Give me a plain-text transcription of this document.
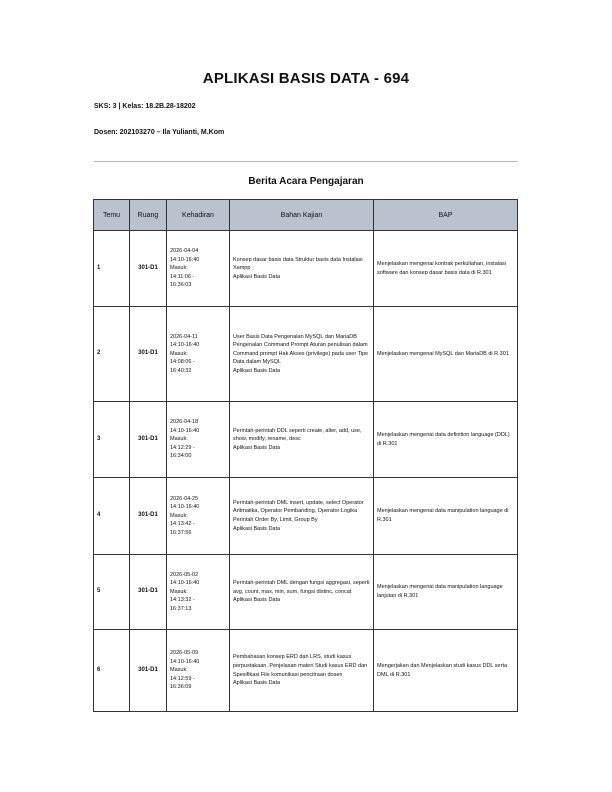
APLIKASI BASIS DATA - 694
SKS: 3 | Kelas: 18.2B.28-18202
Dosen: 202103270 – Ila Yulianti, M.Kom
Berita Acara Pengajaran
Temu	Ruang	Kehadiran	Bahan Kajian	BAP
1	301-D1	2026-04-04
14:10-16:40
Masuk:
14:11:06 -
16:36:03	Konsep dasar basis data Struktur basis data Instalasi Xampp
Aplikasi Basis Data	Menjelaskan mengenai kontrak perkuliahan, instalasi software dan konsep dasar basis data di R.301
2	301-D1	2026-04-11
14:10-16:40
Masuk:
14:08:06 -
16:40:32	User Basis Data Pengenalan MySQL dan MariaDB Pengenalan Command Prompt Aturan penulisan dalam Command prompt Hak Akses (privilege) pada user Tipe Data dalam MySQL
Aplikasi Basis Data	Menjelaskan mengenai MySQL dan MariaDB di R.301
3	301-D1	2026-04-18
14:10-16:40
Masuk:
14:12:29 -
16:34:00	Perintah-perintah DDL seperti create, alter, add, use, show, modify, rename, desc
Aplikasi Basis Data	Menjelaskan mengenai data definition language (DDL) di R.301
4	301-D1	2026-04-25
14:10-16:40
Masuk:
14:13:42 -
16:37:56	Perintah-perintah DML insert, update, select Operator Aritmatika, Operator Pembanding, Operator Logika Perintah Order By, Limit, Group By
Aplikasi Basis Data	Menjelaskan mengenai data manipulation language di R.301
5	301-D1	2026-05-02
14:10-16:40
Masuk:
14:13:32 -
16:37:13	Perintah-perintah DML dengan fungsi aggregasi, seperti avg, count, max, min, sum, fungsi distinc, concat
Aplikasi Basis Data	Menjelaskan mengenai data manipulation language lanjutan di R.301
6	301-D1	2026-05-09
14:10-16:40
Masuk:
14:12:59 -
16:36:09	Pembahasan konsep ERD dan LRS, studi kasus perpustakaan. Penjelasan materi Studi kasus ERD dan Spesifikasi File komunikasi pencitraan dosen
Aplikasi Basis Data	Mengerjakan dan Menjelaskan studi kasus DDL serta DML di R.301
